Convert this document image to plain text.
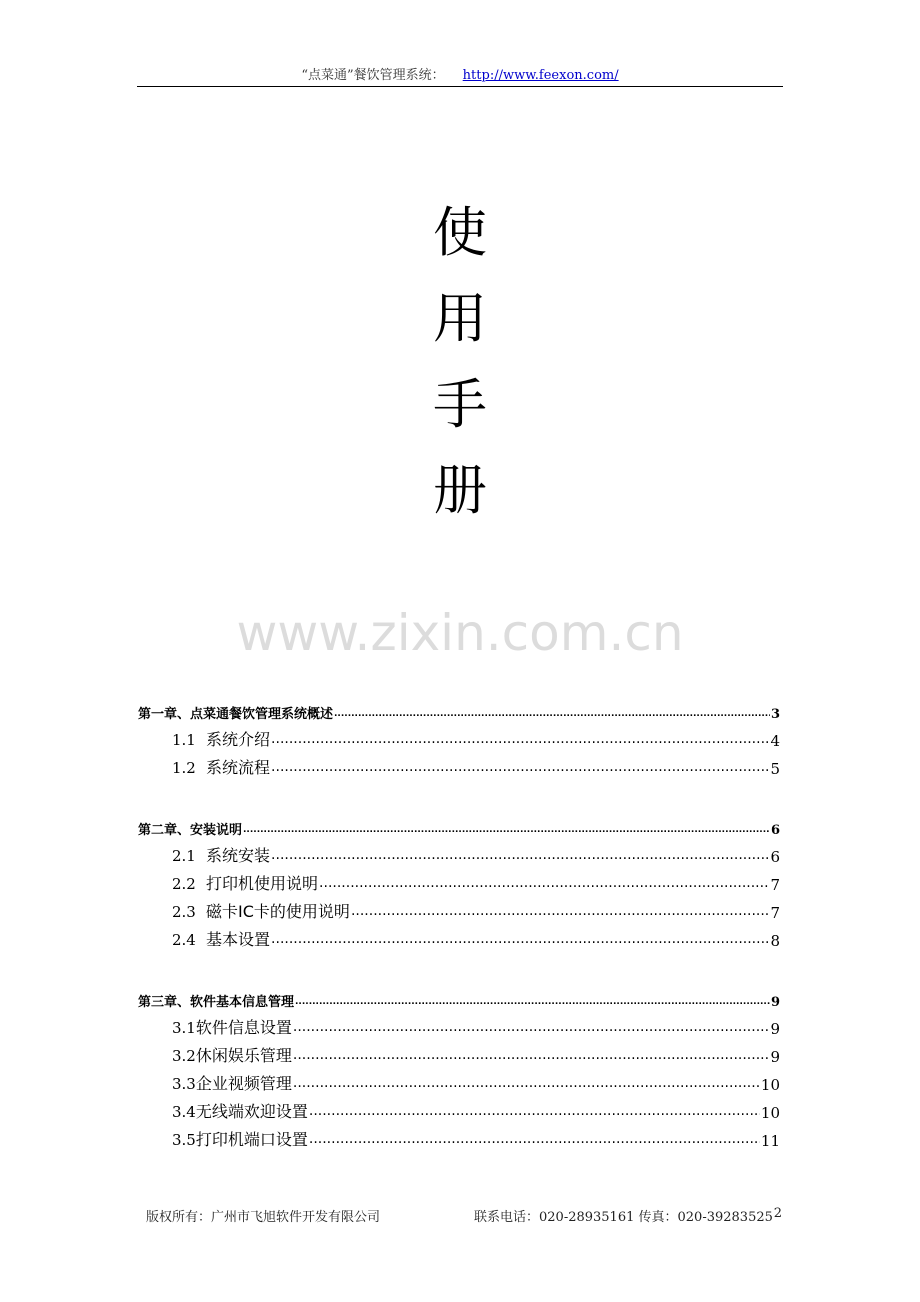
“点菜通”餐饮管理系统： http://www.feexon.com/
使
用
手
册
www.zixin.com.cn
第一章、点菜通餐饮管理系统概述 .....	3
1.1 系统介绍 .....	4
1.2 系统流程 .....	5
第二章、安装说明 .....	6
2.1 系统安装 .....	6
2.2 打印机使用说明 .....	7
2.3 磁卡IC卡的使用说明 .....	7
2.4 基本设置 .....	8
第三章、软件基本信息管理 .....	9
3.1软件信息设置 .....	9
3.2休闲娱乐管理 .....	9
3.3企业视频管理 .....	10
3.4无线端欢迎设置 .....	10
3.5打印机端口设置 .....	11
版权所有：广州市飞旭软件开发有限公司	联系电话：020-28935161 传真：020-39283525 2
